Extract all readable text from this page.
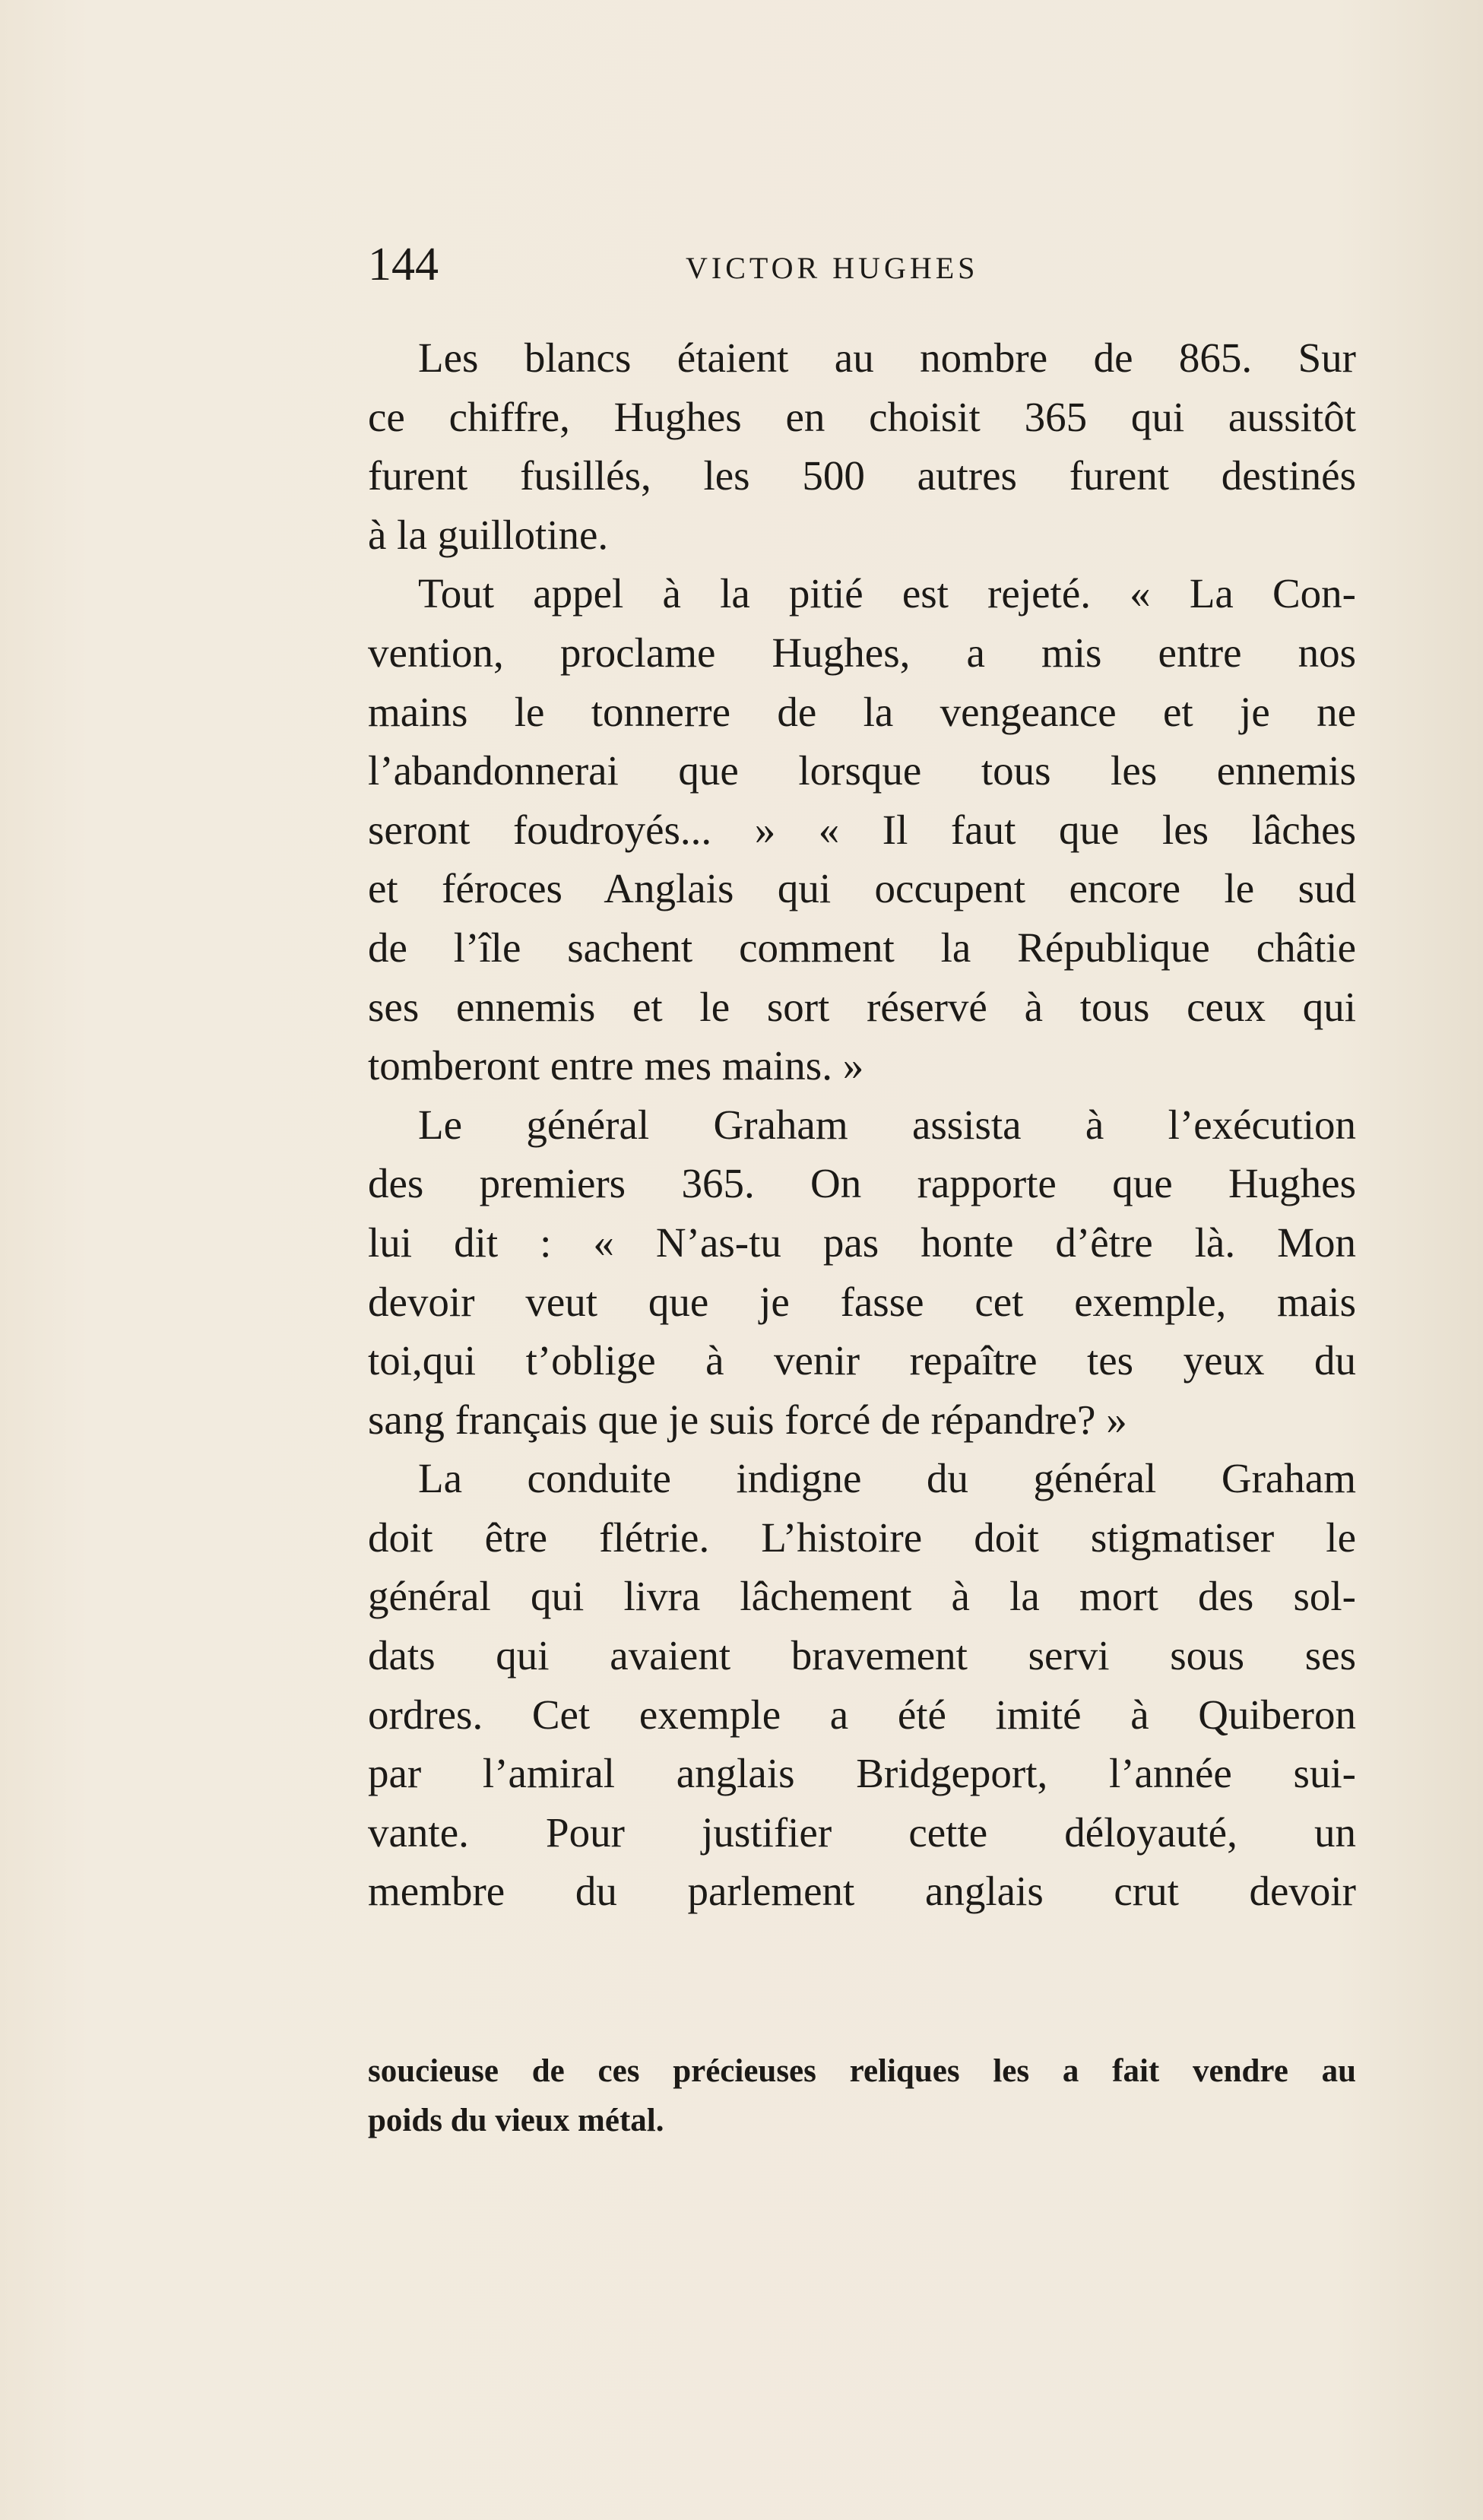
144	VICTOR HUGHES
Les blancs étaient au nombre de 865. Sur
ce chiffre, Hughes en choisit 365 qui aussitôt
furent fusillés, les 500 autres furent destinés
à la guillotine.
Tout appel à la pitié est rejeté. « La Con-
vention, proclame Hughes, a mis entre nos
mains le tonnerre de la vengeance et je ne
l’abandonnerai que lorsque tous les ennemis
seront foudroyés... » « Il faut que les lâches
et féroces Anglais qui occupent encore le sud
de l’île sachent comment la République châtie
ses ennemis et le sort réservé à tous ceux qui
tomberont entre mes mains. »
Le général Graham assista à l’exécution
des premiers 365. On rapporte que Hughes
lui dit : « N’as-tu pas honte d’être là. Mon
devoir veut que je fasse cet exemple, mais
toi,qui t’oblige à venir repaître tes yeux du
sang français que je suis forcé de répandre? »
La conduite indigne du général Graham
doit être flétrie. L’histoire doit stigmatiser le
général qui livra lâchement à la mort des sol-
dats qui avaient bravement servi sous ses
ordres. Cet exemple a été imité à Quiberon
par l’amiral anglais Bridgeport, l’année sui-
vante. Pour justifier cette déloyauté, un
membre du parlement anglais crut devoir
soucieuse de ces précieuses reliques les a fait vendre au
poids du vieux métal.
